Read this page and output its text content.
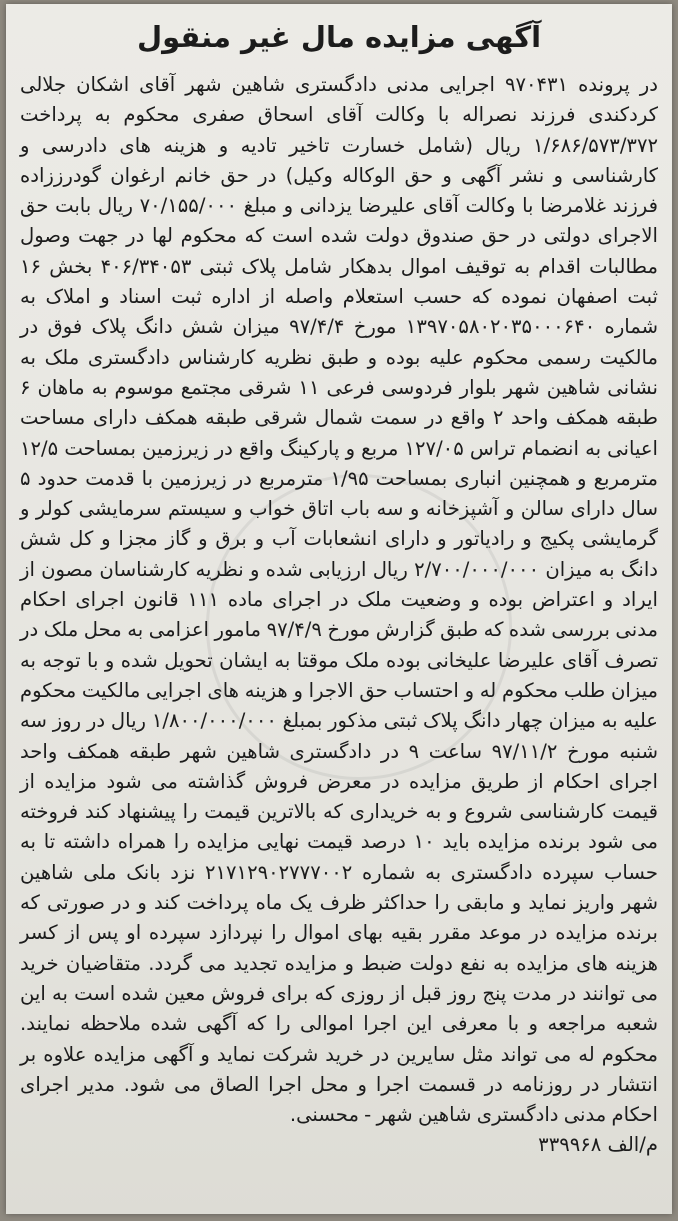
آگهی مزایده مال غیر منقول

در پرونده ۹۷۰۴۳۱ اجرایی مدنی دادگستری شاهین شهر آقای اشکان جلالی کردکندی فرزند نصراله با وکالت آقای اسحاق صفری محکوم به پرداخت ۱/۶۸۶/۵۷۳/۳۷۲ ریال (شامل خسارت تاخیر تادیه و هزینه های دادرسی و کارشناسی و نشر آگهی و حق الوکاله وکیل) در حق خانم ارغوان گودرززاده فرزند غلامرضا با وکالت آقای علیرضا یزدانی و مبلغ ۷۰/۱۵۵/۰۰۰ ریال بابت حق الاجرای دولتی در حق صندوق دولت شده است که محکوم لها در جهت وصول مطالبات اقدام به توقیف اموال بدهکار شامل پلاک ثبتی ۴۰۶/۳۴۰۵۳ بخش ۱۶ ثبت اصفهان نموده که حسب استعلام واصله از اداره ثبت اسناد و املاک به شماره ۱۳۹۷۰۵۸۰۲۰۳۵۰۰۰۶۴۰ مورخ ۹۷/۴/۴ میزان شش دانگ پلاک فوق در مالکیت رسمی محکوم علیه بوده و طبق نظریه کارشناس دادگستری ملک به نشانی شاهین شهر بلوار فردوسی فرعی ۱۱ شرقی مجتمع موسوم به ماهان ۶ طبقه همکف واحد ۲ واقع در سمت شمال شرقی طبقه همکف دارای مساحت اعیانی به انضمام تراس ۱۲۷/۰۵ مربع و پارکینگ واقع در زیرزمین بمساحت ۱۲/۵ مترمربع و همچنین انباری بمساحت ۱/۹۵ مترمربع در زیرزمین با قدمت حدود ۵ سال دارای سالن و آشپزخانه و سه باب اتاق خواب و سیستم سرمایشی کولر و گرمایشی پکیج و رادیاتور و دارای انشعابات آب و برق و گاز مجزا و کل شش دانگ به میزان ۲/۷۰۰/۰۰۰/۰۰۰ ریال ارزیابی شده و نظریه کارشناسان مصون از ایراد و اعتراض بوده و وضعیت ملک در اجرای ماده ۱۱۱ قانون اجرای احکام مدنی بررسی شده که طبق گزارش مورخ ۹۷/۴/۹ مامور اعزامی به محل ملک در تصرف آقای علیرضا علیخانی بوده ملک موقتا به ایشان تحویل شده و با توجه به میزان طلب محکوم له و احتساب حق الاجرا و هزینه های اجرایی مالکیت محکوم علیه به میزان چهار دانگ پلاک ثبتی مذکور بمبلغ ۱/۸۰۰/۰۰۰/۰۰۰ ریال در روز سه شنبه مورخ ۹۷/۱۱/۲ ساعت ۹ در دادگستری شاهین شهر طبقه همکف واحد اجرای احکام از طریق مزایده در معرض فروش گذاشته می شود مزایده از قیمت کارشناسی شروع و به خریداری که بالاترین قیمت را پیشنهاد کند فروخته می شود برنده مزایده باید ۱۰ درصد قیمت نهایی مزایده را همراه داشته تا به حساب سپرده دادگستری به شماره ۲۱۷۱۲۹۰۲۷۷۷۰۰۲ نزد بانک ملی شاهین شهر واریز نماید و مابقی را حداکثر ظرف یک ماه پرداخت کند و در صورتی که برنده مزایده در موعد مقرر بقیه بهای اموال را نپردازد سپرده او پس از کسر هزینه های مزایده به نفع دولت ضبط و مزایده تجدید می گردد. متقاضیان خرید می توانند در مدت پنج روز قبل از روزی که برای فروش معین شده است به این شعبه مراجعه و با معرفی این اجرا اموالی را که آگهی شده ملاحظه نمایند. محکوم له می تواند مثل سایرین در خرید شرکت نماید و آگهی مزایده علاوه بر انتشار در روزنامه در قسمت اجرا و محل اجرا الصاق می شود. مدیر اجرای احکام مدنی دادگستری شاهین شهر - محسنی.

م/الف ۳۳۹۹۶۸
